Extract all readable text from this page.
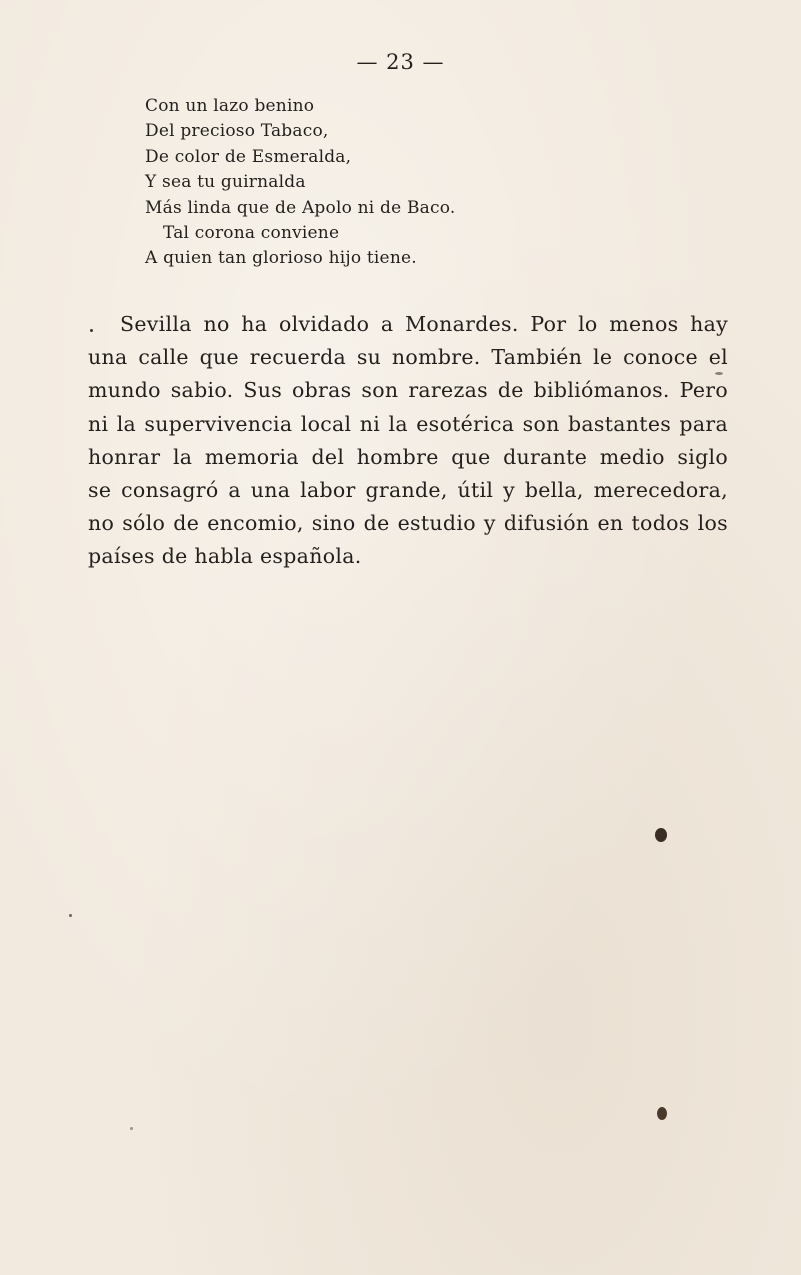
— 23 —
Con un lazo benino
Del precioso Tabaco,
De color de Esmeralda,
Y sea tu guirnalda
Más linda que de Apolo ni de Baco.
Tal corona conviene
A quien tan glorioso hijo tiene.
Sevilla no ha olvidado a Monardes. Por lo menos hay
una calle que recuerda su nombre. También le conoce el
mundo sabio. Sus obras son rarezas de bibliómanos. Pero
ni la supervivencia local ni la esotérica son bastantes para
honrar la memoria del hombre que durante medio siglo
se consagró a una labor grande, útil y bella, merecedora,
no sólo de encomio, sino de estudio y difusión en todos los
países de habla española.
